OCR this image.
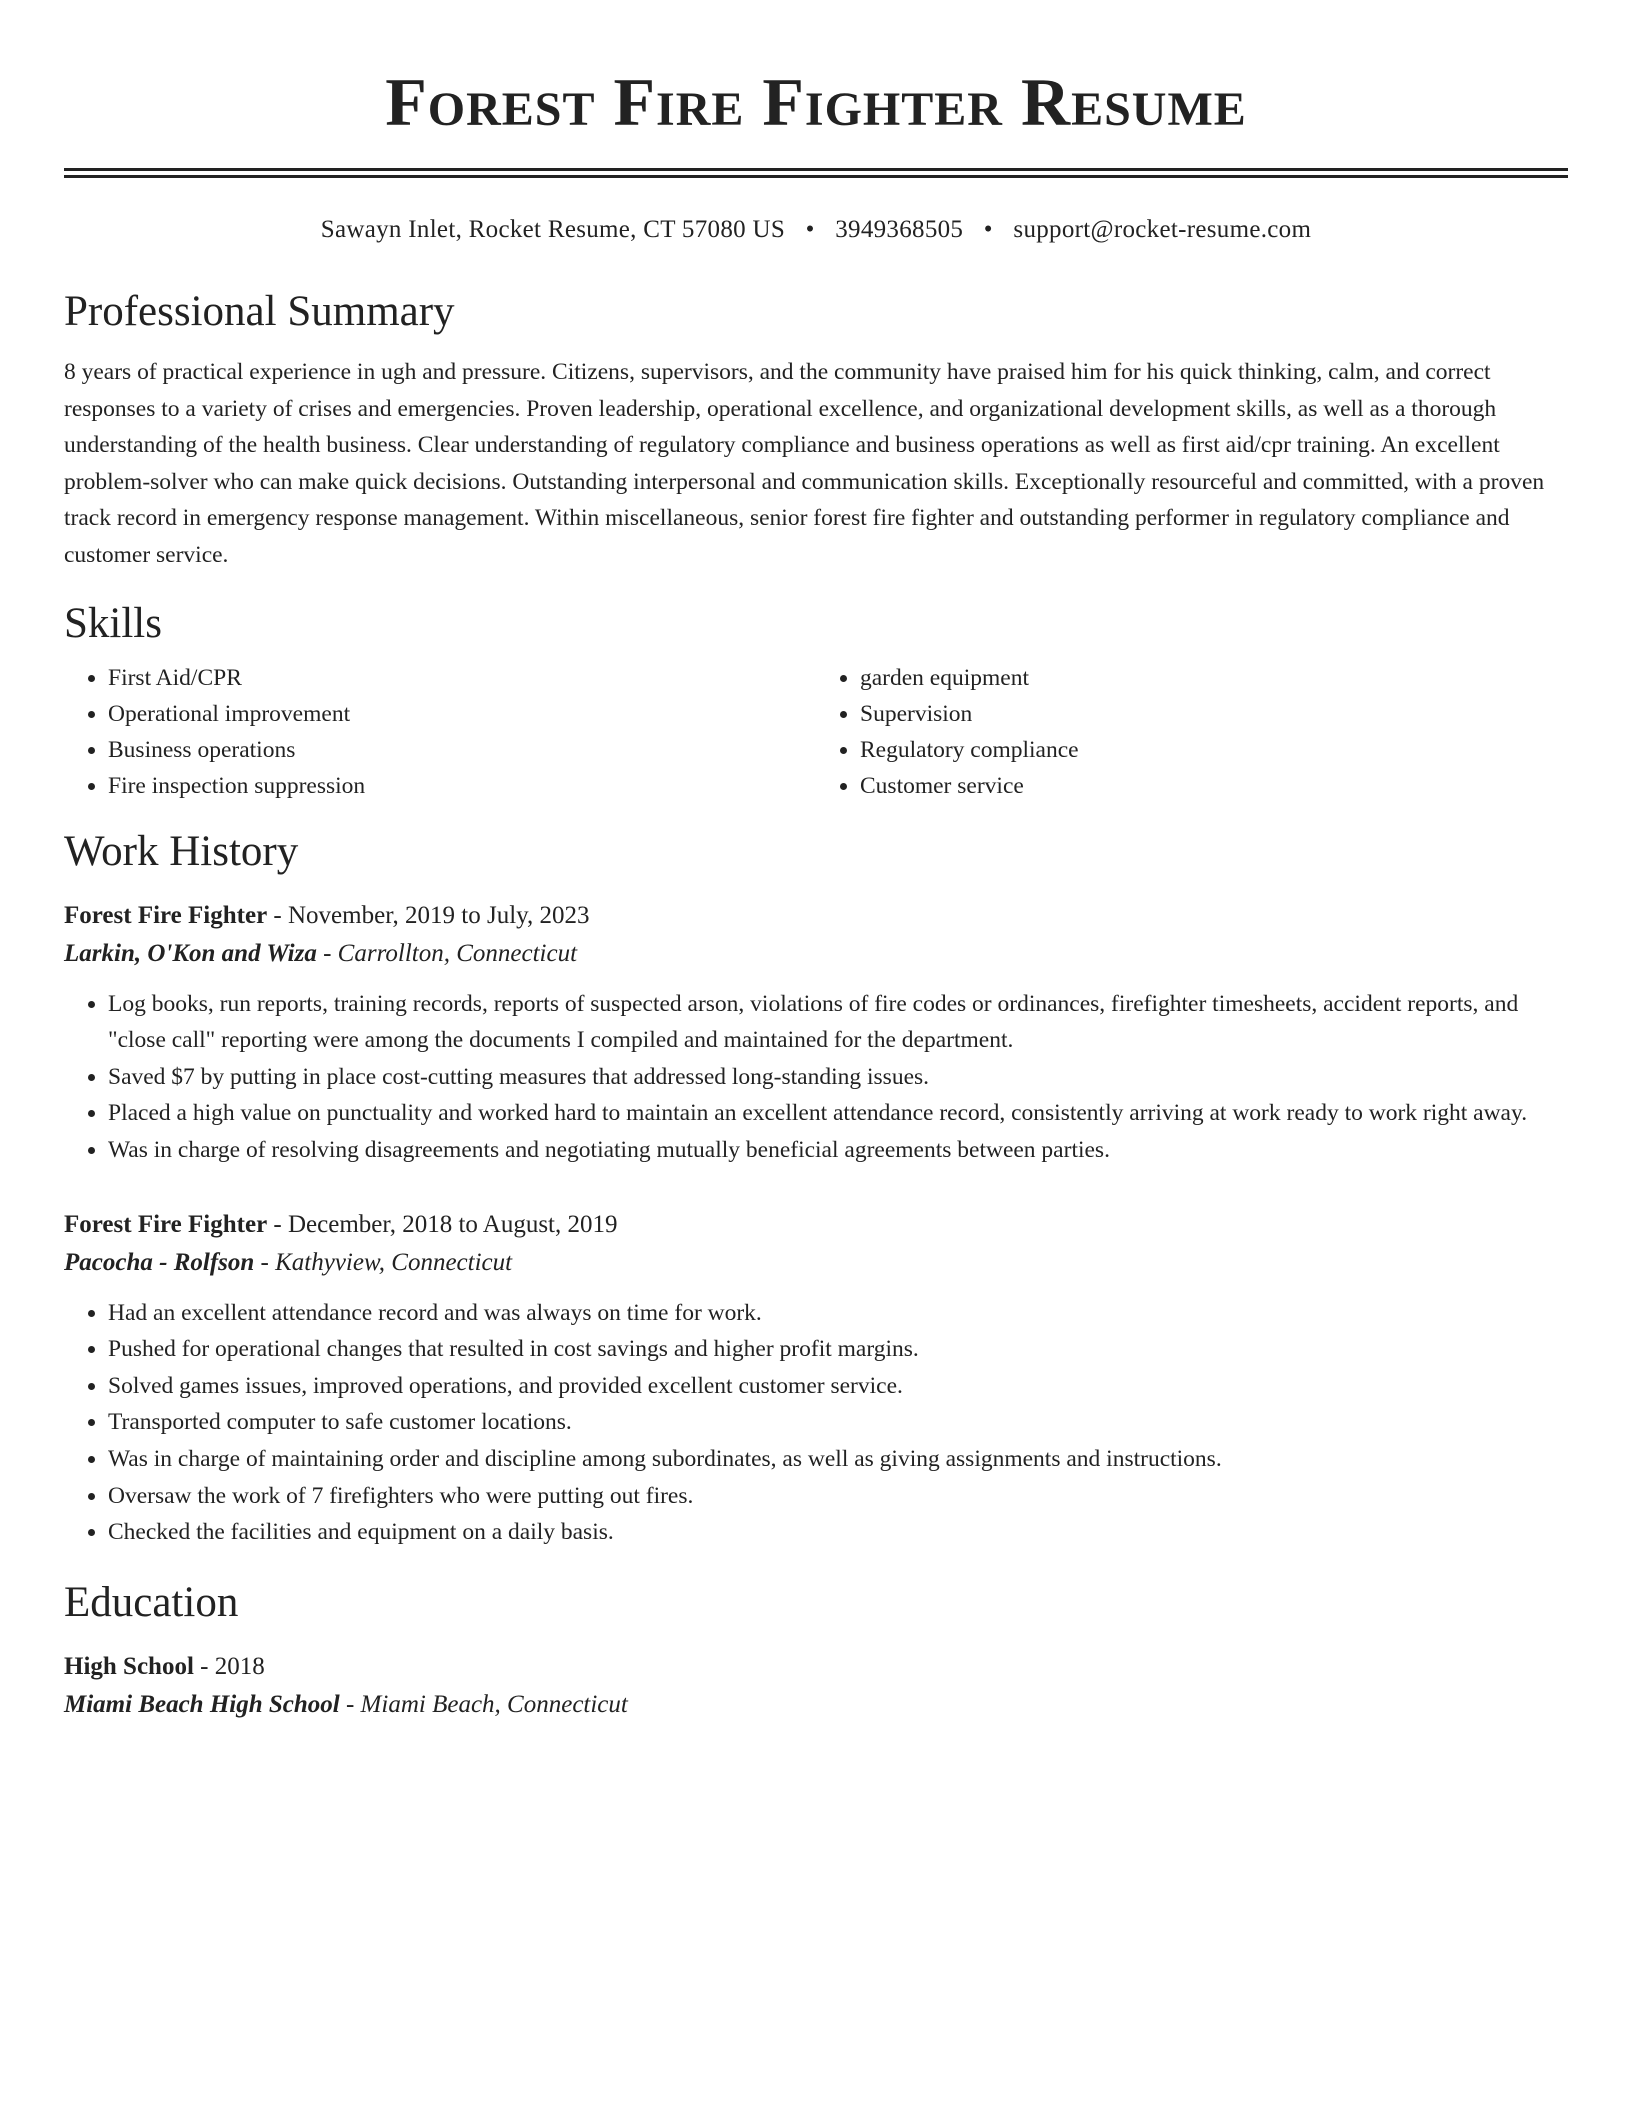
Forest Fire Fighter Resume
Sawayn Inlet, Rocket Resume, CT 57080 US • 3949368505 • support@rocket-resume.com
Professional Summary

8 years of practical experience in ugh and pressure. Citizens, supervisors, and the community have praised him for his quick thinking, calm, and correct responses to a variety of crises and emergencies. Proven leadership, operational excellence, and organizational development skills, as well as a thorough understanding of the health business. Clear understanding of regulatory compliance and business operations as well as first aid/cpr training. An excellent problem-solver who can make quick decisions. Outstanding interpersonal and communication skills. Exceptionally resourceful and committed, with a proven track record in emergency response management. Within miscellaneous, senior forest fire fighter and outstanding performer in regulatory compliance and customer service.

Skills
• First Aid/CPR
• Operational improvement
• Business operations
• Fire inspection suppression
• garden equipment
• Supervision
• Regulatory compliance
• Customer service
Work History
Forest Fire Fighter - November, 2019 to July, 2023
Larkin, O'Kon and Wiza - Carrollton, Connecticut
• Log books, run reports, training records, reports of suspected arson, violations of fire codes or ordinances, firefighter timesheets, accident reports, and "close call" reporting were among the documents I compiled and maintained for the department.
• Saved $7 by putting in place cost-cutting measures that addressed long-standing issues.
• Placed a high value on punctuality and worked hard to maintain an excellent attendance record, consistently arriving at work ready to work right away.
• Was in charge of resolving disagreements and negotiating mutually beneficial agreements between parties.
Forest Fire Fighter - December, 2018 to August, 2019
Pacocha - Rolfson - Kathyview, Connecticut
• Had an excellent attendance record and was always on time for work.
• Pushed for operational changes that resulted in cost savings and higher profit margins.
• Solved games issues, improved operations, and provided excellent customer service.
• Transported computer to safe customer locations.
• Was in charge of maintaining order and discipline among subordinates, as well as giving assignments and instructions.
• Oversaw the work of 7 firefighters who were putting out fires.
• Checked the facilities and equipment on a daily basis.
Education
High School - 2018
Miami Beach High School - Miami Beach, Connecticut
